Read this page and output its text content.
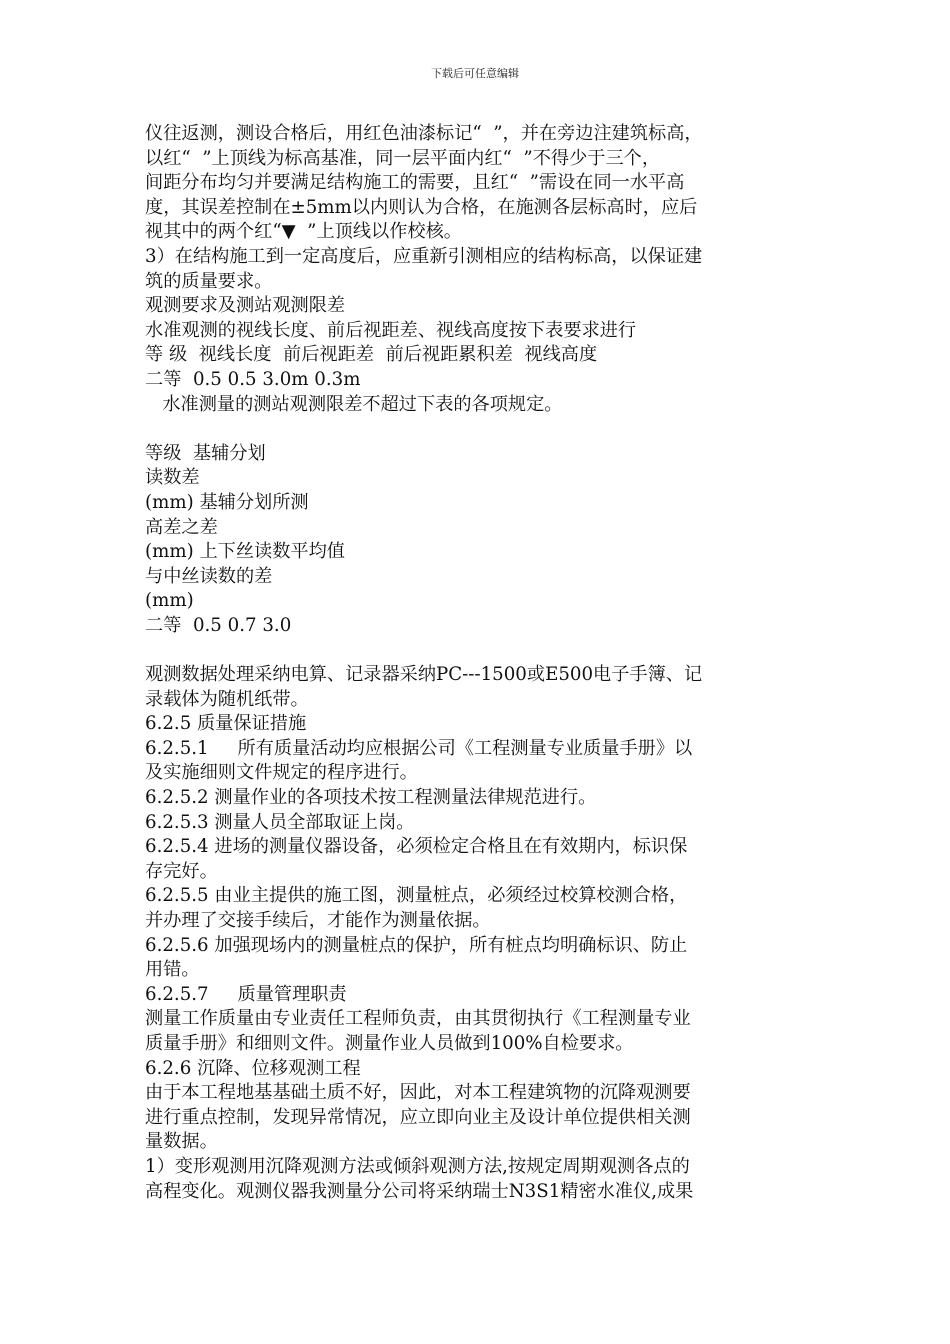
下载后可任意编辑
仪往返测，测设合格后，用红色油漆标记“  ”，并在旁边注建筑标高，
以红“  ”上顶线为标高基准，同一层平面内红“  ”不得少于三个，
间距分布均匀并要满足结构施工的需要，且红“  ”需设在同一水平高
度，其误差控制在±5mm以内则认为合格，在施测各层标高时，应后
视其中的两个红“▼  ”上顶线以作校核。
3）在结构施工到一定高度后，应重新引测相应的结构标高，以保证建
筑的质量要求。
观测要求及测站观测限差
水准观测的视线长度、前后视距差、视线高度按下表要求进行
等 级  视线长度  前后视距差  前后视距累积差  视线高度
二等  0.5 0.5 3.0m 0.3m
水准测量的测站观测限差不超过下表的各项规定。
等级  基辅分划
读数差
(mm) 基辅分划所测
高差之差
(mm) 上下丝读数平均值
与中丝读数的差
(mm)
二等  0.5 0.7 3.0
观测数据处理采纳电算、记录器采纳PC---1500或E500电子手簿、记
录载体为随机纸带。
6.2.5 质量保证措施
6.2.5.1     所有质量活动均应根据公司《工程测量专业质量手册》以
及实施细则文件规定的程序进行。
6.2.5.2 测量作业的各项技术按工程测量法律规范进行。
6.2.5.3 测量人员全部取证上岗。
6.2.5.4 进场的测量仪器设备，必须检定合格且在有效期内，标识保
存完好。
6.2.5.5 由业主提供的施工图，测量桩点，必须经过校算校测合格，
并办理了交接手续后，才能作为测量依据。
6.2.5.6 加强现场内的测量桩点的保护，所有桩点均明确标识、防止
用错。
6.2.5.7     质量管理职责
测量工作质量由专业责任工程师负责，由其贯彻执行《工程测量专业
质量手册》和细则文件。测量作业人员做到100%自检要求。
6.2.6 沉降、位移观测工程
由于本工程地基基础土质不好，因此，对本工程建筑物的沉降观测要
进行重点控制，发现异常情况，应立即向业主及设计单位提供相关测
量数据。
1）变形观测用沉降观测方法或倾斜观测方法,按规定周期观测各点的
高程变化。观测仪器我测量分公司将采纳瑞士N3S1精密水准仪,成果
